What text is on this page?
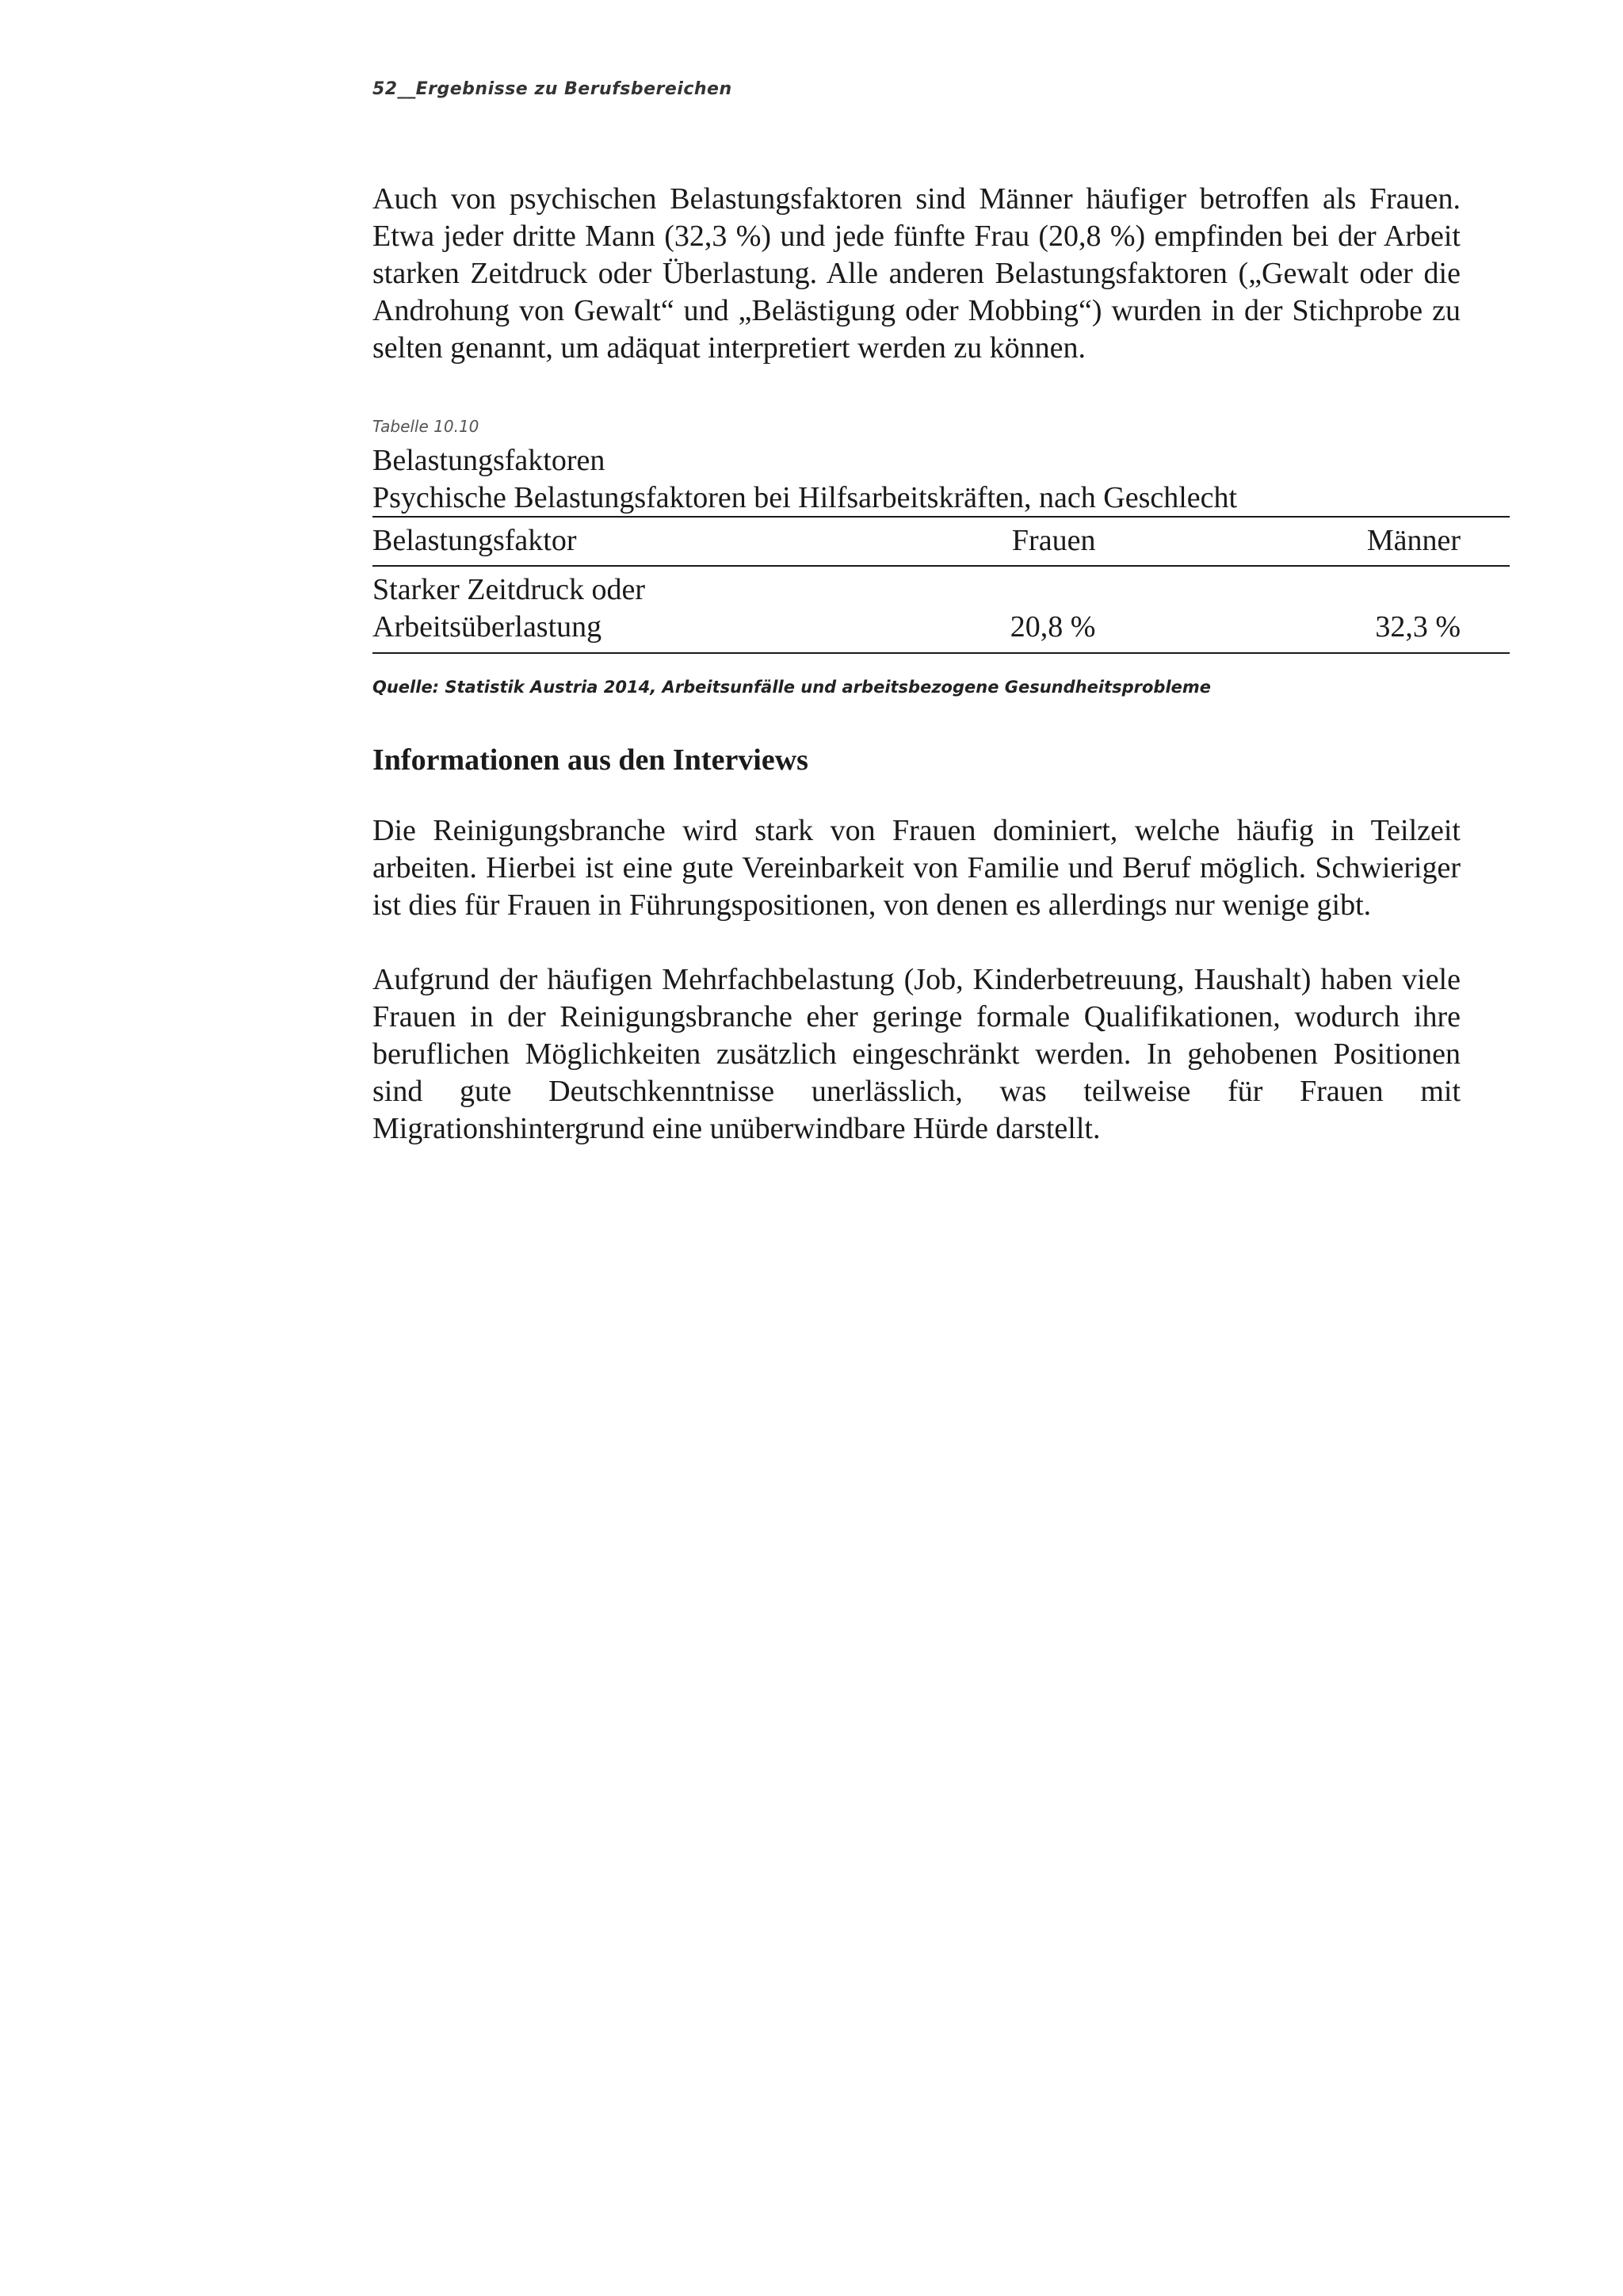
52__Ergebnisse zu Berufsbereichen

Auch von psychischen Belastungsfaktoren sind Männer häufiger betroffen als Frauen. Etwa jeder dritte Mann (32,3 %) und jede fünfte Frau (20,8 %) empfinden bei der Arbeit starken Zeitdruck oder Überlastung. Alle anderen Belastungsfaktoren („Gewalt oder die Androhung von Gewalt“ und „Belästigung oder Mobbing“) wurden in der Stichprobe zu selten genannt, um adäquat interpretiert werden zu können.

Tabelle 10.10

Belastungsfaktoren

Psychische Belastungsfaktoren bei Hilfsarbeitskräften, nach Geschlecht

Belastungsfaktor	Frauen	Männer

Starker Zeitdruck oder
Arbeitsüberlastung	20,8 %	32,3 %

Quelle: Statistik Austria 2014, Arbeitsunfälle und arbeitsbezogene Gesundheitsprobleme

Informationen aus den Interviews

Die Reinigungsbranche wird stark von Frauen dominiert, welche häufig in Teilzeit arbeiten. Hierbei ist eine gute Vereinbarkeit von Familie und Beruf möglich. Schwieriger ist dies für Frauen in Führungspositionen, von denen es allerdings nur wenige gibt.

Aufgrund der häufigen Mehrfachbelastung (Job, Kinderbetreuung, Haushalt) haben viele Frauen in der Reinigungsbranche eher geringe formale Qualifikationen, wodurch ihre beruflichen Möglichkeiten zusätzlich eingeschränkt werden. In gehobenen Positionen sind gute Deutschkenntnisse unerlässlich, was teilweise für Frauen mit Migrationshintergrund eine unüberwindbare Hürde darstellt.
